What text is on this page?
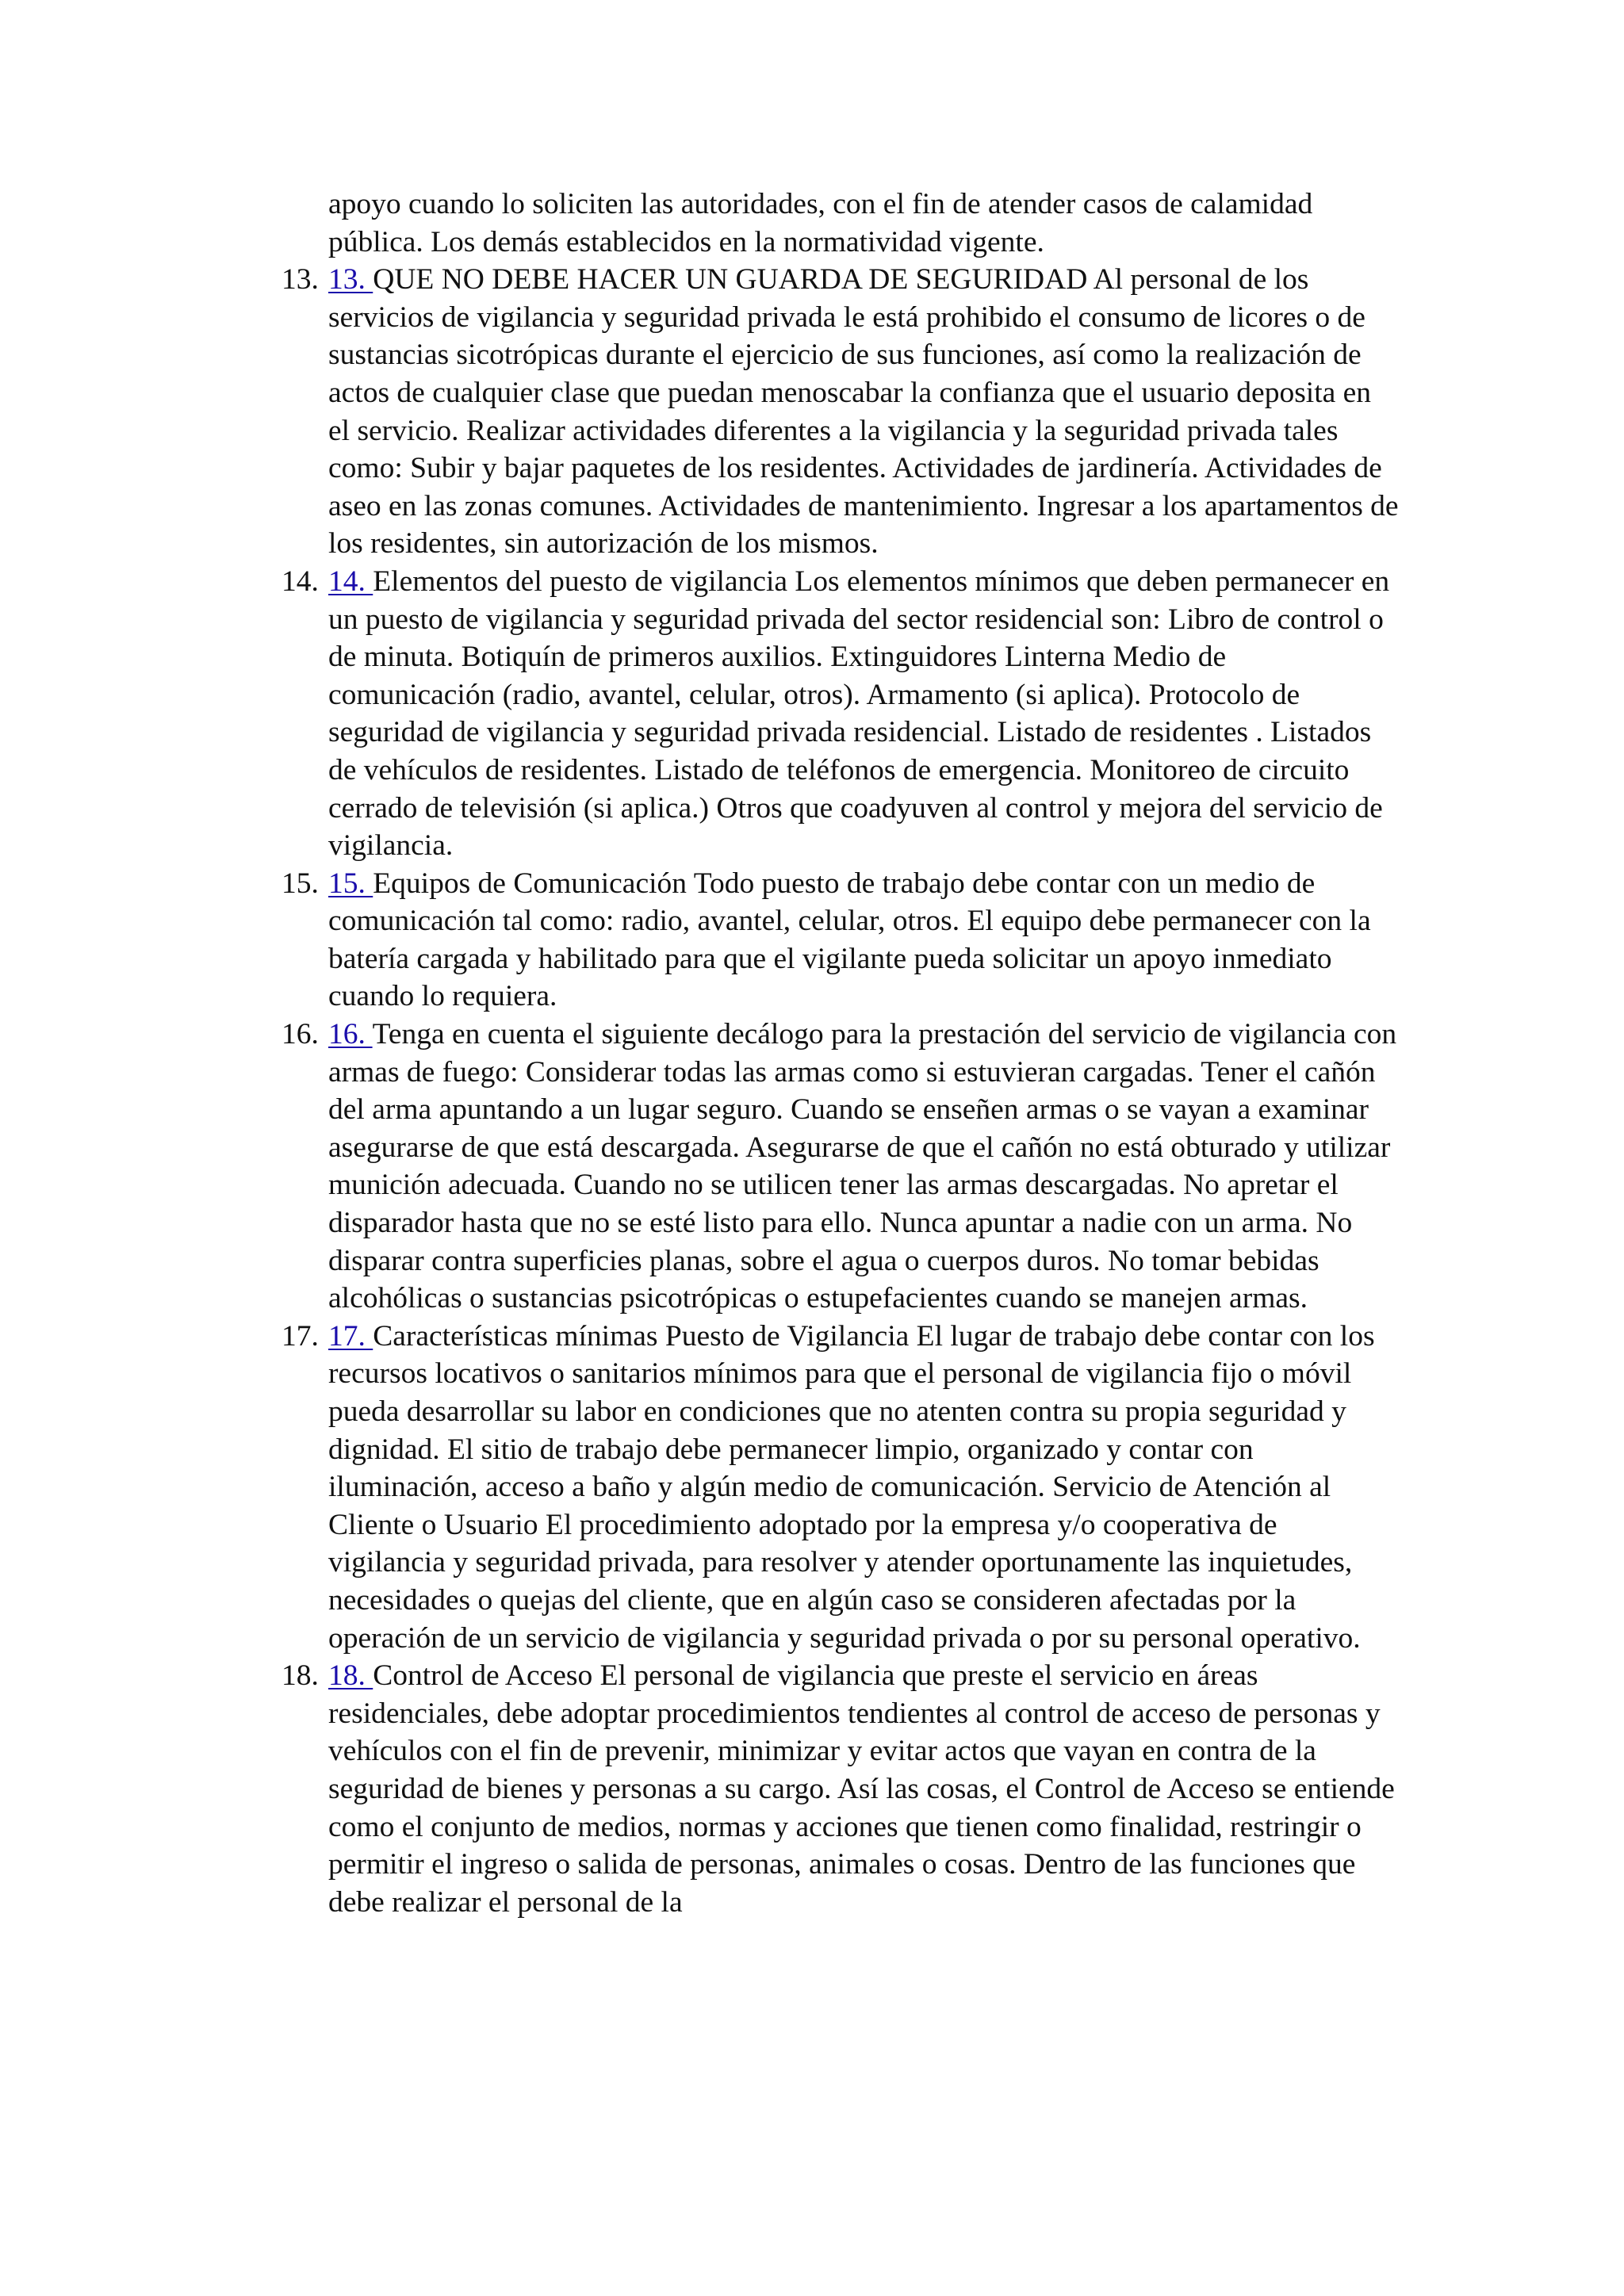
apoyo cuando lo soliciten las autoridades, con el fin de atender casos de calamidad pública. Los demás establecidos en la normatividad vigente.

13. 13. QUE NO DEBE HACER UN GUARDA DE SEGURIDAD Al personal de los servicios de vigilancia y seguridad privada le está prohibido el consumo de licores o de sustancias sicotrópicas durante el ejercicio de sus funciones, así como la realización de actos de cualquier clase que puedan menoscabar la confianza que el usuario deposita en el servicio. Realizar actividades diferentes a la vigilancia y la seguridad privada tales como: Subir y bajar paquetes de los residentes. Actividades de jardinería. Actividades de aseo en las zonas comunes. Actividades de mantenimiento. Ingresar a los apartamentos de los residentes, sin autorización de los mismos.
14. 14. Elementos del puesto de vigilancia Los elementos mínimos que deben permanecer en un puesto de vigilancia y seguridad privada del sector residencial son: Libro de control o de minuta. Botiquín de primeros auxilios. Extinguidores Linterna Medio de comunicación (radio, avantel, celular, otros). Armamento (si aplica). Protocolo de seguridad de vigilancia y seguridad privada residencial. Listado de residentes . Listados de vehículos de residentes. Listado de teléfonos de emergencia. Monitoreo de circuito cerrado de televisión (si aplica.) Otros que coadyuven al control y mejora del servicio de vigilancia.
15. 15. Equipos de Comunicación Todo puesto de trabajo debe contar con un medio de comunicación tal como: radio, avantel, celular, otros. El equipo debe permanecer con la batería cargada y habilitado para que el vigilante pueda solicitar un apoyo inmediato cuando lo requiera.
16. 16. Tenga en cuenta el siguiente decálogo para la prestación del servicio de vigilancia con armas de fuego: Considerar todas las armas como si estuvieran cargadas. Tener el cañón del arma apuntando a un lugar seguro. Cuando se enseñen armas o se vayan a examinar asegurarse de que está descargada. Asegurarse de que el cañón no está obturado y utilizar munición adecuada. Cuando no se utilicen tener las armas descargadas. No apretar el disparador hasta que no se esté listo para ello. Nunca apuntar a nadie con un arma. No disparar contra superficies planas, sobre el agua o cuerpos duros. No tomar bebidas alcohólicas o sustancias psicotrópicas o estupefacientes cuando se manejen armas.
17. 17. Características mínimas Puesto de Vigilancia El lugar de trabajo debe contar con los recursos locativos o sanitarios mínimos para que el personal de vigilancia fijo o móvil pueda desarrollar su labor en condiciones que no atenten contra su propia seguridad y dignidad. El sitio de trabajo debe permanecer limpio, organizado y contar con iluminación, acceso a baño y algún medio de comunicación. Servicio de Atención al Cliente o Usuario El procedimiento adoptado por la empresa y/o cooperativa de vigilancia y seguridad privada, para resolver y atender oportunamente las inquietudes, necesidades o quejas del cliente, que en algún caso se consideren afectadas por la operación de un servicio de vigilancia y seguridad privada o por su personal operativo.
18. 18. Control de Acceso El personal de vigilancia que preste el servicio en áreas residenciales, debe adoptar procedimientos tendientes al control de acceso de personas y vehículos con el fin de prevenir, minimizar y evitar actos que vayan en contra de la seguridad de bienes y personas a su cargo. Así las cosas, el Control de Acceso se entiende como el conjunto de medios, normas y acciones que tienen como finalidad, restringir o permitir el ingreso o salida de personas, animales o cosas. Dentro de las funciones que debe realizar el personal de la
